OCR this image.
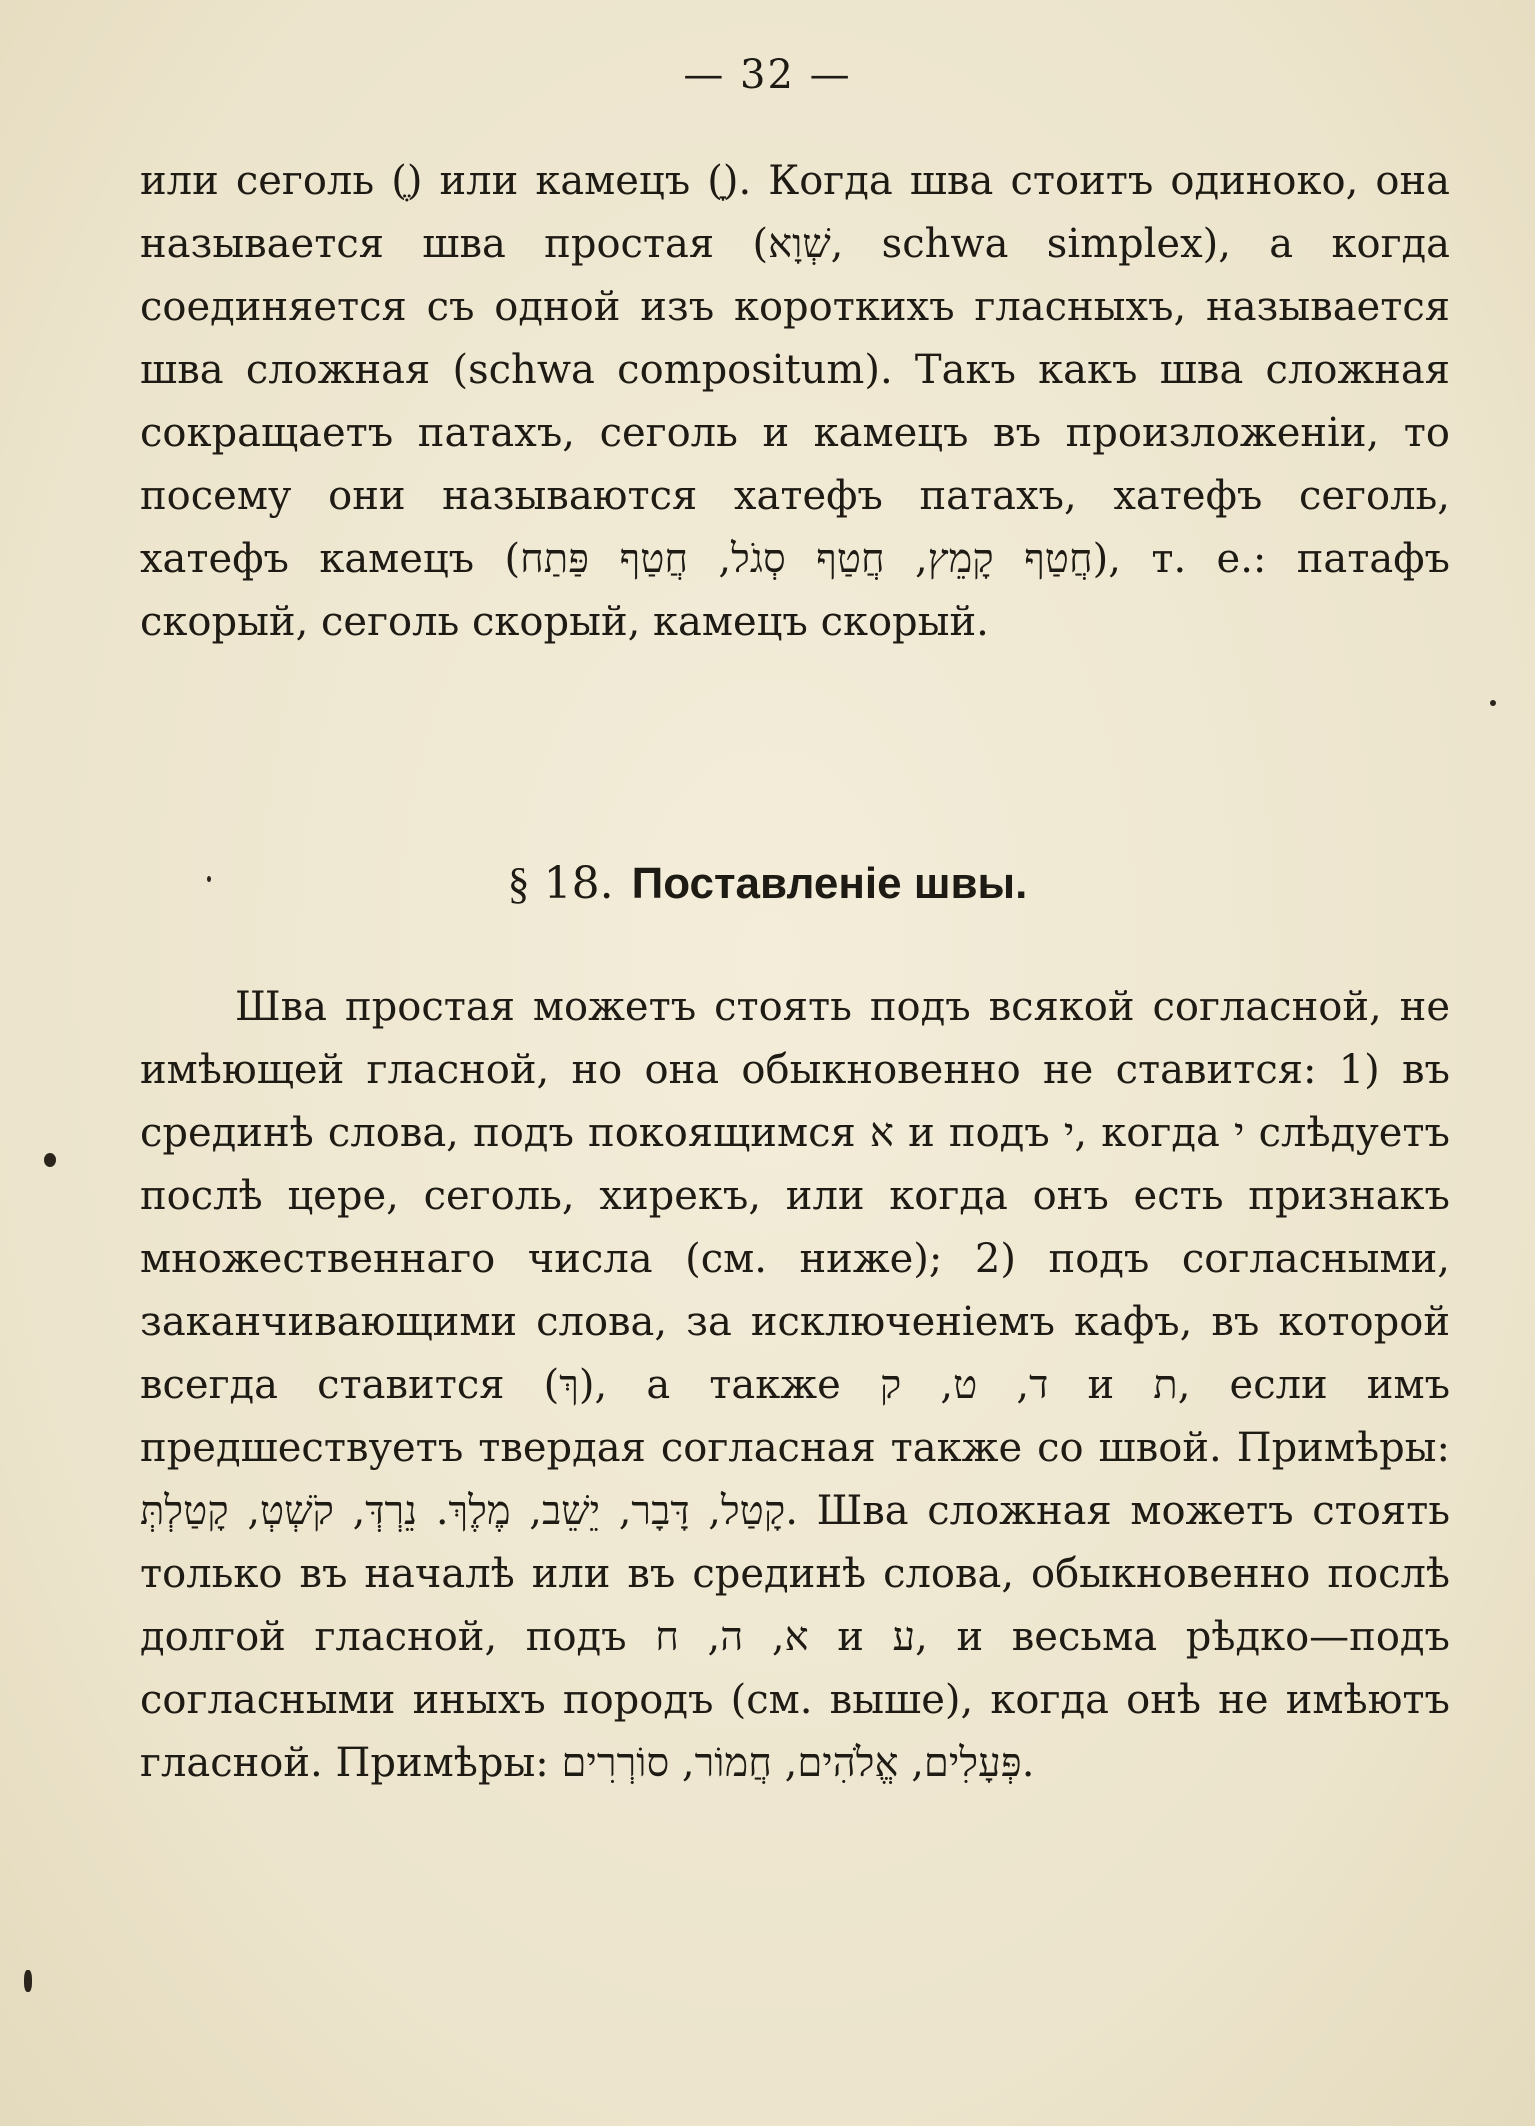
— 32 —
или сеголь (ֶ) или камецъ (ָ). Когда шва стоитъ одиноко, она называется шва простая (שְׁוָא, schwa simplex), а когда соединяется съ одной изъ короткихъ гласныхъ, называется шва сложная (schwa compositum). Такъ какъ шва сложная сокращаетъ патахъ, сеголь и камецъ въ произложеніи, то посему они называются хатефъ патахъ, хатефъ сеголь, хатефъ камецъ (חֲטַף קָמֵץ, חֲטַף סְגֹל, חֲטַף פַּתַח), т. е.: патафъ скорый, сеголь скорый, камецъ скорый.
§ 18. Поставленіе швы.
Шва простая можетъ стоять подъ всякой согласной, не имѣющей гласной, но она обыкновенно не ставится: 1) въ срединѣ слова, подъ покоящимся א и подъ י, когда י слѣдуетъ послѣ цере, сеголь, хирекъ, или когда онъ есть признакъ множественнаго числа (см. ниже); 2) подъ согласными, заканчивающими слова, за исключеніемъ кафъ, въ которой всегда ставится (ךְ), а также ד, ט, ק и ת, если имъ предшествуетъ твердая согласная также со швой. Примѣры: קָטַל, דָּבָר, יֵשֵׁב, מֶלֶךְ. נֵרְדְּ, קֹשְׁטְ, קָטַלְתְּ. Шва сложная можетъ стоять только въ началѣ или въ срединѣ слова, обыкновенно послѣ долгой гласной, подъ א, ה, ח и ע, и весьма рѣдко—подъ согласными иныхъ породъ (см. выше), когда онѣ не имѣютъ гласной. Примѣры: פְּעָלִים, אֱלֹהִים, חֲמוֹר, סוֹרְרִים.
